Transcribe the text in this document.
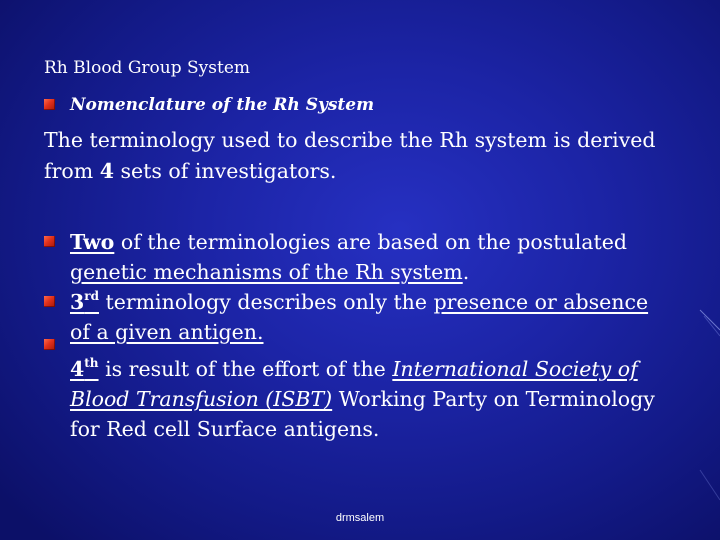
Rh Blood Group System
Nomenclature of the Rh System
The terminology used to describe the Rh system is derived from 4 sets of investigators.
Two of the terminologies are based on the postulated genetic mechanisms of the Rh system.
3rd terminology describes only the presence or absence of a given antigen.
4th is result of the effort of the International Society of Blood Transfusion (ISBT) Working Party on Terminology for Red cell Surface antigens.
drmsalem
